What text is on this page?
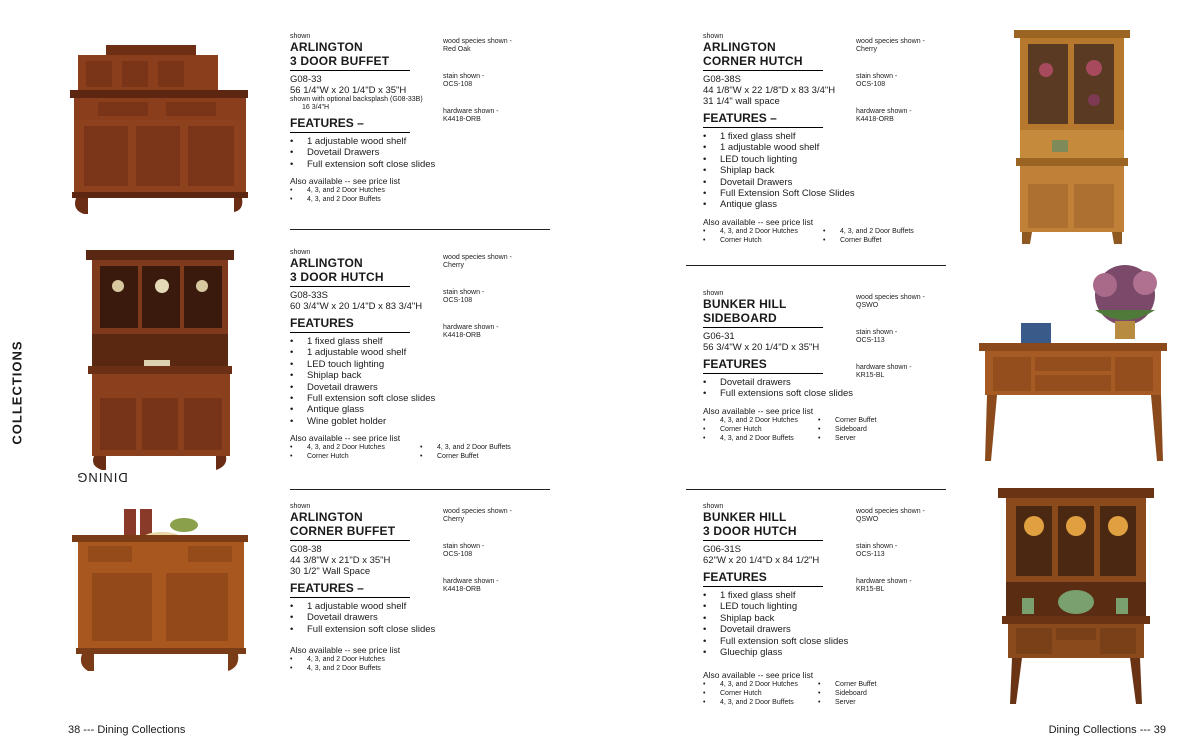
DINING
COLLECTIONS
shown
ARLINGTON
3 DOOR BUFFET
G08-33
56 1/4"W x 20 1/4"D x 35"H
shown with optional backsplash (G08-33B)
16 3/4"H
FEATURES –
• 1 adjustable wood shelf
• Dovetail Drawers
• Full extension soft close slides
Also available -- see price list
• 4, 3, and 2 Door Hutches
• 4, 3, and 2 Door Buffets

wood species shown -
Red Oak

stain shown -
OCS-108

hardware shown -
K4418-ORB

shown
ARLINGTON
3 DOOR HUTCH
G08-33S
60 3/4"W x 20 1/4"D x 83 3/4"H
FEATURES
• 1 fixed glass shelf
• 1 adjustable wood shelf
• LED touch lighting
• Shiplap back
• Dovetail drawers
• Full extension soft close slides
• Antique glass
• Wine goblet holder
Also available -- see price list
• 4, 3, and 2 Door Hutches	• 4, 3, and 2 Door Buffets
• Corner Hutch	• Corner Buffet

wood species shown -
Cherry

stain shown -
OCS-108

hardware shown -
K4418-ORB

shown
ARLINGTON
CORNER BUFFET
G08-38
44 3/8"W x 21"D x 35"H
30 1/2" Wall Space
FEATURES –
• 1 adjustable wood shelf
• Dovetail drawers
• Full extension soft close slides
Also available -- see price list
• 4, 3, and 2 Door Hutches
• 4, 3, and 2 Door Buffets

wood species shown -
Cherry

stain shown -
OCS-108

hardware shown -
K4418-ORB

shown
ARLINGTON
CORNER HUTCH
G08-38S
44 1/8"W x 22 1/8"D x 83 3/4"H
31 1/4" wall space
FEATURES –
• 1 fixed glass shelf
• 1 adjustable wood shelf
• LED touch lighting
• Shiplap back
• Dovetail Drawers
• Full Extension Soft Close Slides
• Antique glass
Also available -- see price list
• 4, 3, and 2 Door Hutches	• 4, 3, and 2 Door Buffets
• Corner Hutch	• Corner Buffet

wood species shown -
Cherry

stain shown -
OCS-108

hardware shown -
K4418-ORB

shown
BUNKER HILL
SIDEBOARD
G06-31
56 3/4"W x 20 1/4"D x 35"H
FEATURES
• Dovetail drawers
• Full extensions soft close slides
Also available -- see price list
• 4, 3, and 2 Door Hutches	• Corner Buffet
• Corner Hutch	• Sideboard
• 4, 3, and 2 Door Buffets	• Server

wood species shown -
QSWO

stain shown -
OCS-113

hardware shown -
KR15-BL

shown
BUNKER HILL
3 DOOR HUTCH
G06-31S
62"W x 20 1/4"D x 84 1/2"H
FEATURES
• 1 fixed glass shelf
• LED touch lighting
• Shiplap back
• Dovetail drawers
• Full extension soft close slides
• Gluechip glass
Also available -- see price list
• 4, 3, and 2 Door Hutches	• Corner Buffet
• Corner Hutch	• Sideboard
• 4, 3, and 2 Door Buffets	• Server

wood species shown -
QSWO

stain shown -
OCS-113

hardware shown -
KR15-BL

38 --- Dining Collections	Dining Collections --- 39
